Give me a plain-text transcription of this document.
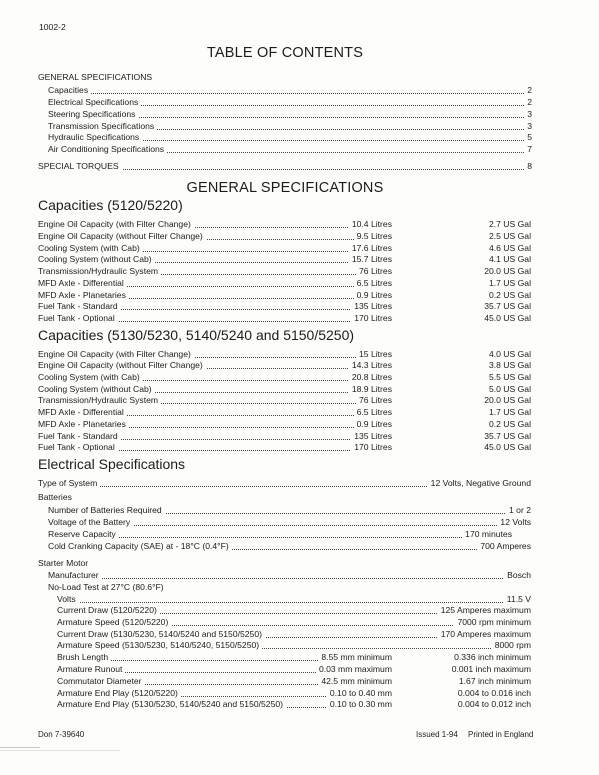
1002-2
TABLE OF CONTENTS
GENERAL SPECIFICATIONS
Capacities	2
Electrical Specifications	2
Steering Specifications	3
Transmission Specifications	3
Hydraulic Specifications	5
Air Conditioning Specifications	7
SPECIAL TORQUES	8
GENERAL SPECIFICATIONS
Capacities (5120/5220)
Engine Oil Capacity (with Filter Change)	10.4 Litres	2.7 US Gal
Engine Oil Capacity (without Filter Change)	9.5 Litres	2.5 US Gal
Cooling System (with Cab)	17.6 Litres	4.6 US Gal
Cooling System (without Cab)	15.7 Litres	4.1 US Gal
Transmission/Hydraulic System	76 Litres	20.0 US Gal
MFD Axle - Differential	6.5 Litres	1.7 US Gal
MFD Axle - Planetaries	0.9 Litres	0.2 US Gal
Fuel Tank - Standard	135 Litres	35.7 US Gal
Fuel Tank - Optional	170 Litres	45.0 US Gal
Capacities (5130/5230, 5140/5240 and 5150/5250)
Engine Oil Capacity (with Filter Change)	15 Litres	4.0 US Gal
Engine Oil Capacity (without Filter Change)	14.3 Litres	3.8 US Gal
Cooling System (with Cab)	20.8 Litres	5.5 US Gal
Cooling System (without Cab)	18.9 Litres	5.0 US Gal
Transmission/Hydraulic System	76 Litres	20.0 US Gal
MFD Axle - Differential	6.5 Litres	1.7 US Gal
MFD Axle - Planetaries	0.9 Litres	0.2 US Gal
Fuel Tank - Standard	135 Litres	35.7 US Gal
Fuel Tank - Optional	170 Litres	45.0 US Gal
Electrical Specifications
Type of System	12 Volts, Negative Ground
Batteries
Number of Batteries Required	1 or 2
Voltage of the Battery	12 Volts
Reserve Capacity	170 minutes
Cold Cranking Capacity (SAE) at - 18°C (0.4°F)	700 Amperes
Starter Motor
Manufacturer	Bosch
No-Load Test at 27°C (80.6°F)
Volts	11.5 V
Current Draw (5120/5220)	125 Amperes maximum
Armature Speed (5120/5220)	7000 rpm minimum
Current Draw (5130/5230, 5140/5240 and 5150/5250)	170 Amperes maximum
Armature Speed (5130/5230, 5140/5240, 5150/5250)	8000 rpm
Brush Length	8.55 mm minimum	0.336 inch minimum
Armature Runout	0.03 mm maximum	0.001 inch maximum
Commutator Diameter	42.5 mm minimum	1.67 inch minimum
Armature End Play (5120/5220)	0.10 to 0.40 mm	0.004 to 0.016 inch
Armature End Play (5130/5230, 5140/5240 and 5150/5250)	0.10 to 0.30 mm	0.004 to 0.012 inch
Don 7-39640	Issued 1-94 Printed in England
